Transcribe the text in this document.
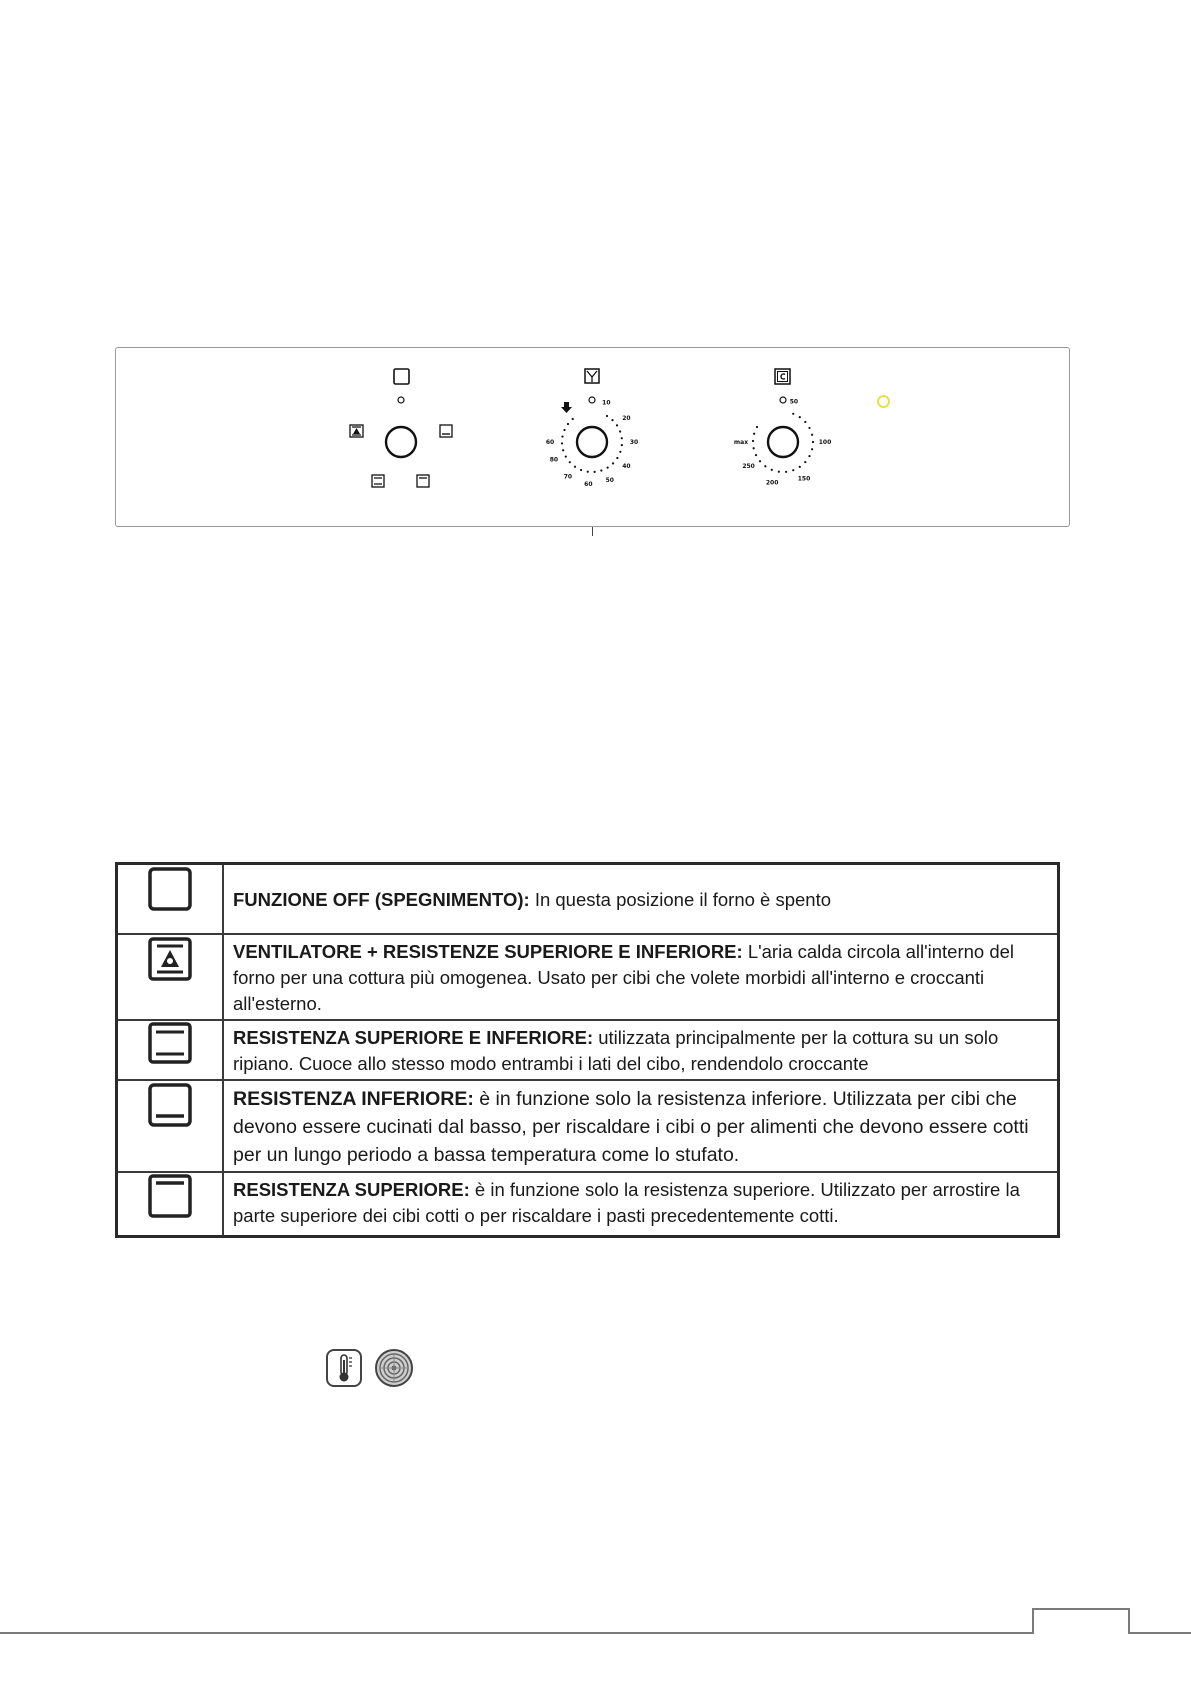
60
10
20
30
40
50
60
70
80
max
50
100
150
200
250
	FUNZIONE OFF (SPEGNIMENTO): In questa posizione il forno è spento
	VENTILATORE + RESISTENZE SUPERIORE E INFERIORE: L'aria calda circola all'interno del forno per una cottura più omogenea. Usato per cibi che volete morbidi all'interno e croccanti all'esterno.
	RESISTENZA SUPERIORE E INFERIORE: utilizzata principalmente per la cottura su un solo ripiano. Cuoce allo stesso modo entrambi i lati del cibo, rendendolo croccante
	RESISTENZA INFERIORE: è in funzione solo la resistenza inferiore. Utilizzata per cibi che devono essere cucinati dal basso, per riscaldare i cibi o per alimenti che devono essere cotti per un lungo periodo a bassa temperatura come lo stufato.
	RESISTENZA SUPERIORE: è in funzione solo la resistenza superiore. Utilizzato per arrostire la parte superiore dei cibi cotti o per riscaldare i pasti precedentemente cotti.
